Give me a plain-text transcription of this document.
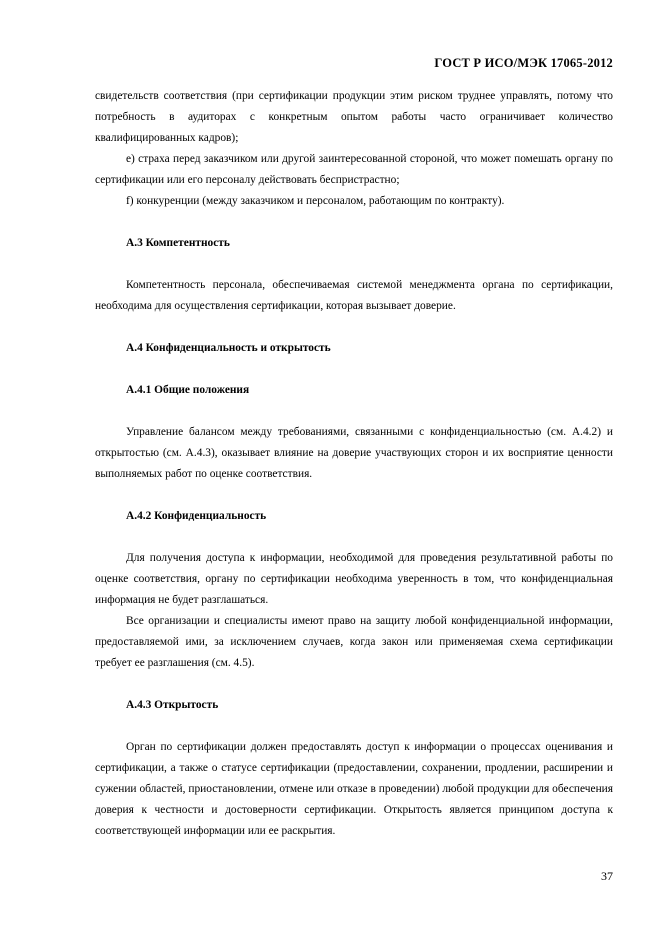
ГОСТ Р ИСО/МЭК 17065-2012

свидетельств соответствия (при сертификации продукции этим риском труднее управлять, потому что потребность в аудиторах с конкретным опытом работы часто ограничивает количество квалифицированных кадров);

e) страха перед заказчиком или другой заинтересованной стороной, что может помешать органу по сертификации или его персоналу действовать беспристрастно;

f) конкуренции (между заказчиком и персоналом, работающим по контракту).

А.3 Компетентность

Компетентность персонала, обеспечиваемая системой менеджмента органа по сертификации, необходима для осуществления сертификации, которая вызывает доверие.

А.4 Конфиденциальность и открытость

А.4.1 Общие положения

Управление балансом между требованиями, связанными с конфиденциальностью (см. А.4.2) и открытостью (см. А.4.3), оказывает влияние на доверие участвующих сторон и их восприятие ценности выполняемых работ по оценке соответствия.

А.4.2 Конфиденциальность

Для получения доступа к информации, необходимой для проведения результативной работы по оценке соответствия, органу по сертификации необходима уверенность в том, что конфиденциальная информация не будет разглашаться.

Все организации и специалисты имеют право на защиту любой конфиденциальной информации, предоставляемой ими, за исключением случаев, когда закон или применяемая схема сертификации требует ее разглашения (см. 4.5).

А.4.3 Открытость

Орган по сертификации должен предоставлять доступ к информации о процессах оценивания и сертификации, а также о статусе сертификации (предоставлении, сохранении, продлении, расширении и сужении областей, приостановлении, отмене или отказе в проведении) любой продукции для обеспечения доверия к честности и достоверности сертификации. Открытость является принципом доступа к соответствующей информации или ее раскрытия.

37
